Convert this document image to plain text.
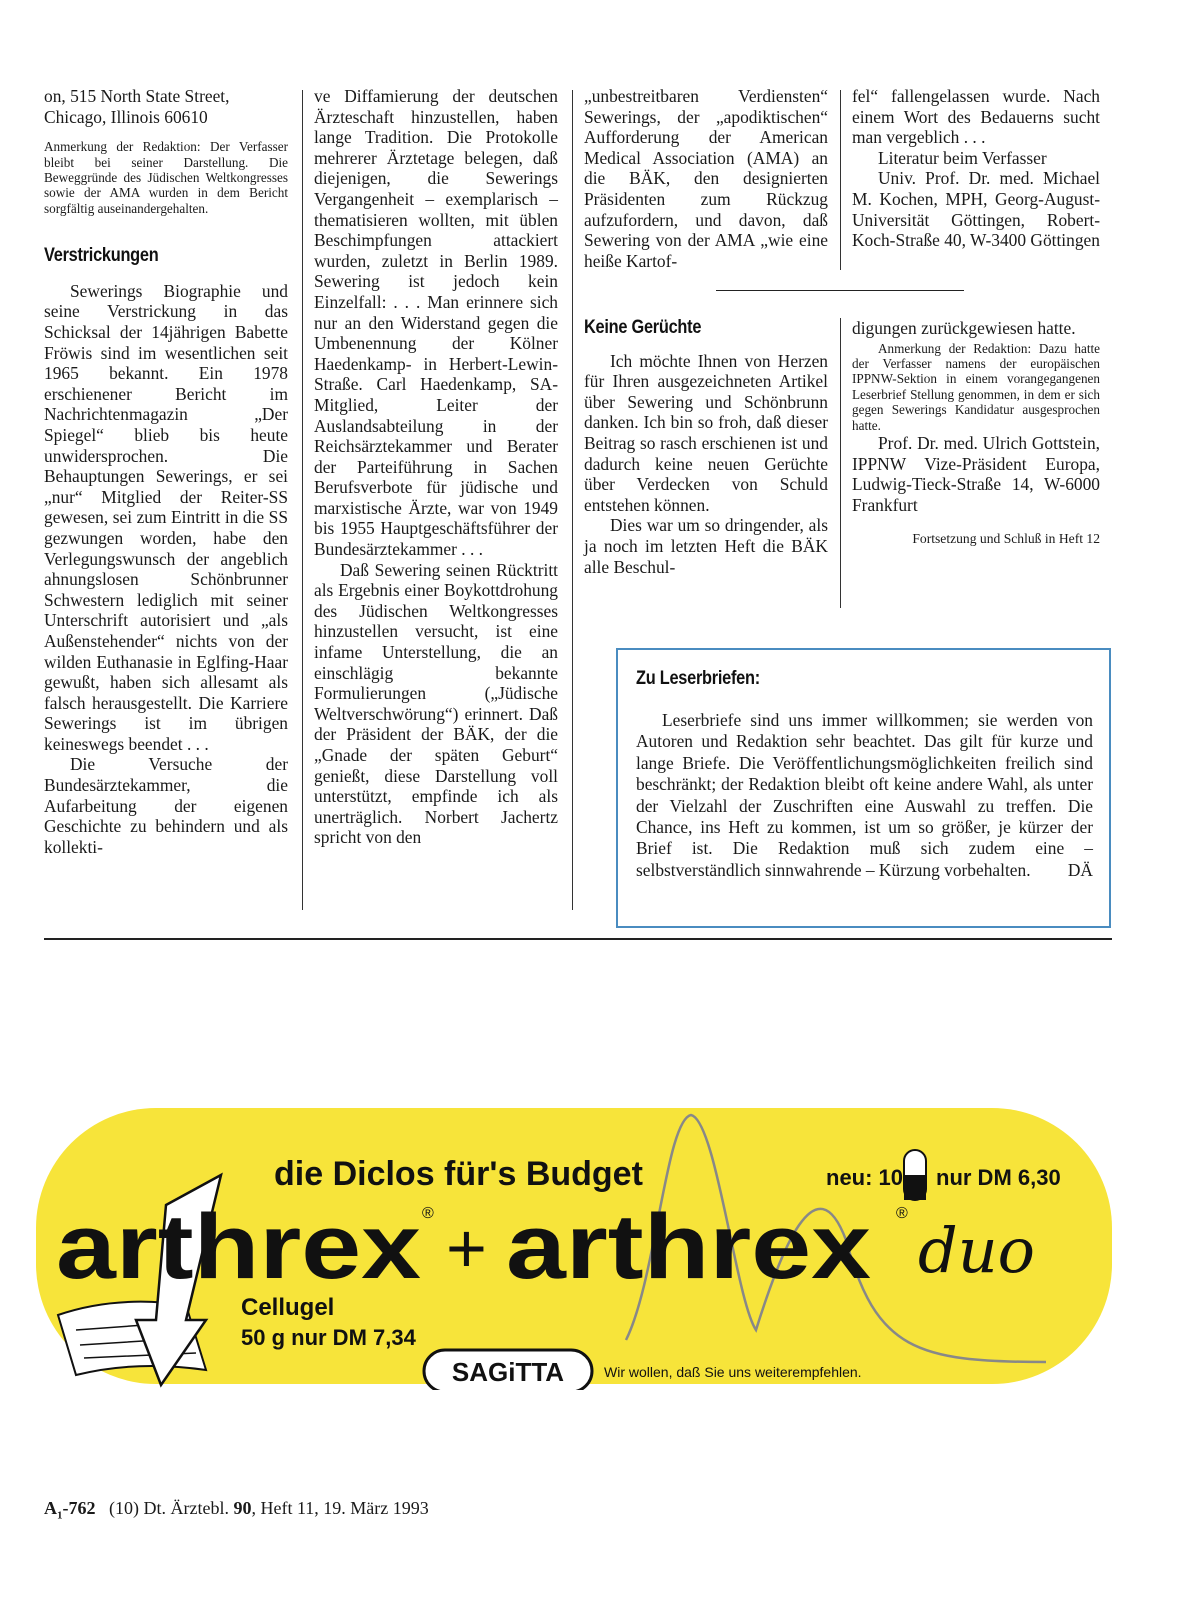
on, 515 North State Street, Chicago, Illinois 60610

Anmerkung der Redaktion: Der Verfasser bleibt bei seiner Darstellung. Die Beweggründe des Jüdischen Weltkongresses sowie der AMA wurden in dem Bericht sorgfältig auseinandergehalten.

Verstrickungen

Sewerings Biographie und seine Verstrickung in das Schicksal der 14jährigen Babette Fröwis sind im wesentlichen seit 1965 bekannt. Ein 1978 erschienener Bericht im Nachrichtenmagazin „Der Spiegel“ blieb bis heute unwidersprochen. Die Behauptungen Sewerings, er sei „nur“ Mitglied der Reiter-SS gewesen, sei zum Eintritt in die SS gezwungen worden, habe den Verlegungswunsch der angeblich ahnungslosen Schönbrunner Schwestern lediglich mit seiner Unterschrift autorisiert und „als Außenstehender“ nichts von der wilden Euthanasie in Eglfing-Haar gewußt, haben sich allesamt als falsch herausgestellt. Die Karriere Sewerings ist im übrigen keineswegs beendet . . .

Die Versuche der Bundesärztekammer, die Aufarbeitung der eigenen Geschichte zu behindern und als kollekti-

ve Diffamierung der deutschen Ärzteschaft hinzustellen, haben lange Tradition. Die Protokolle mehrerer Ärztetage belegen, daß diejenigen, die Sewerings Vergangenheit – exemplarisch – thematisieren wollten, mit üblen Beschimpfungen attackiert wurden, zuletzt in Berlin 1989. Sewering ist jedoch kein Einzelfall: . . . Man erinnere sich nur an den Widerstand gegen die Umbenennung der Kölner Haedenkamp- in Herbert-Lewin-Straße. Carl Haedenkamp, SA-Mitglied, Leiter der Auslandsabteilung in der Reichsärztekammer und Berater der Parteiführung in Sachen Berufsverbote für jüdische und marxistische Ärzte, war von 1949 bis 1955 Hauptgeschäftsführer der Bundesärztekammer . . .

Daß Sewering seinen Rücktritt als Ergebnis einer Boykottdrohung des Jüdischen Weltkongresses hinzustellen versucht, ist eine infame Unterstellung, die an einschlägig bekannte Formulierungen („Jüdische Weltverschwörung“) erinnert. Daß der Präsident der BÄK, der die „Gnade der späten Geburt“ genießt, diese Darstellung voll unterstützt, empfinde ich als unerträglich. Norbert Jachertz spricht von den

„unbestreitbaren Verdiensten“ Sewerings, der „apodiktischen“ Aufforderung der American Medical Association (AMA) an die BÄK, den designierten Präsidenten zum Rückzug aufzufordern, und davon, daß Sewering von der AMA „wie eine heiße Kartof-

Keine Gerüchte

Ich möchte Ihnen von Herzen für Ihren ausgezeichneten Artikel über Sewering und Schönbrunn danken. Ich bin so froh, daß dieser Beitrag so rasch erschienen ist und dadurch keine neuen Gerüchte über Verdecken von Schuld entstehen können.

Dies war um so dringender, als ja noch im letzten Heft die BÄK alle Beschul-

fel“ fallengelassen wurde. Nach einem Wort des Bedauerns sucht man vergeblich . . .

Literatur beim Verfasser

Univ. Prof. Dr. med. Michael M. Kochen, MPH, Georg-August-Universität Göttingen, Robert-Koch-Straße 40, W-3400 Göttingen

digungen zurückgewiesen hatte.

Anmerkung der Redaktion: Dazu hatte der Verfasser namens der europäischen IPPNW-Sektion in einem vorangegangenen Leserbrief Stellung genommen, in dem er sich gegen Sewerings Kandidatur ausgesprochen hatte.

Prof. Dr. med. Ulrich Gottstein, IPPNW Vize-Präsident Europa, Ludwig-Tieck-Straße 14, W-6000 Frankfurt

Fortsetzung und Schluß in Heft 12

Zu Leserbriefen:

Leserbriefe sind uns immer willkommen; sie werden von Autoren und Redaktion sehr beachtet. Das gilt für kurze und lange Briefe. Die Veröffentlichungsmöglichkeiten freilich sind beschränkt; der Redaktion bleibt oft keine andere Wahl, als unter der Vielzahl der Zuschriften eine Auswahl zu treffen. Die Chance, ins Heft zu kommen, ist um so größer, je kürzer der Brief ist. Die Redaktion muß sich zudem eine – selbstverständlich sinnwahrende – Kürzung vorbehalten.	DÄ

die Diclos für's Budget	neu: 10 nur DM 6,30
arthrex ® + arthrex ®
duo
Cellugel
50 g nur DM 7,34
SAGiTTA	Wir wollen, daß Sie uns weiterempfehlen.
$A_1-762$ (10) Dt. Ärztebl. 90, Heft 11, 19. März 1993
